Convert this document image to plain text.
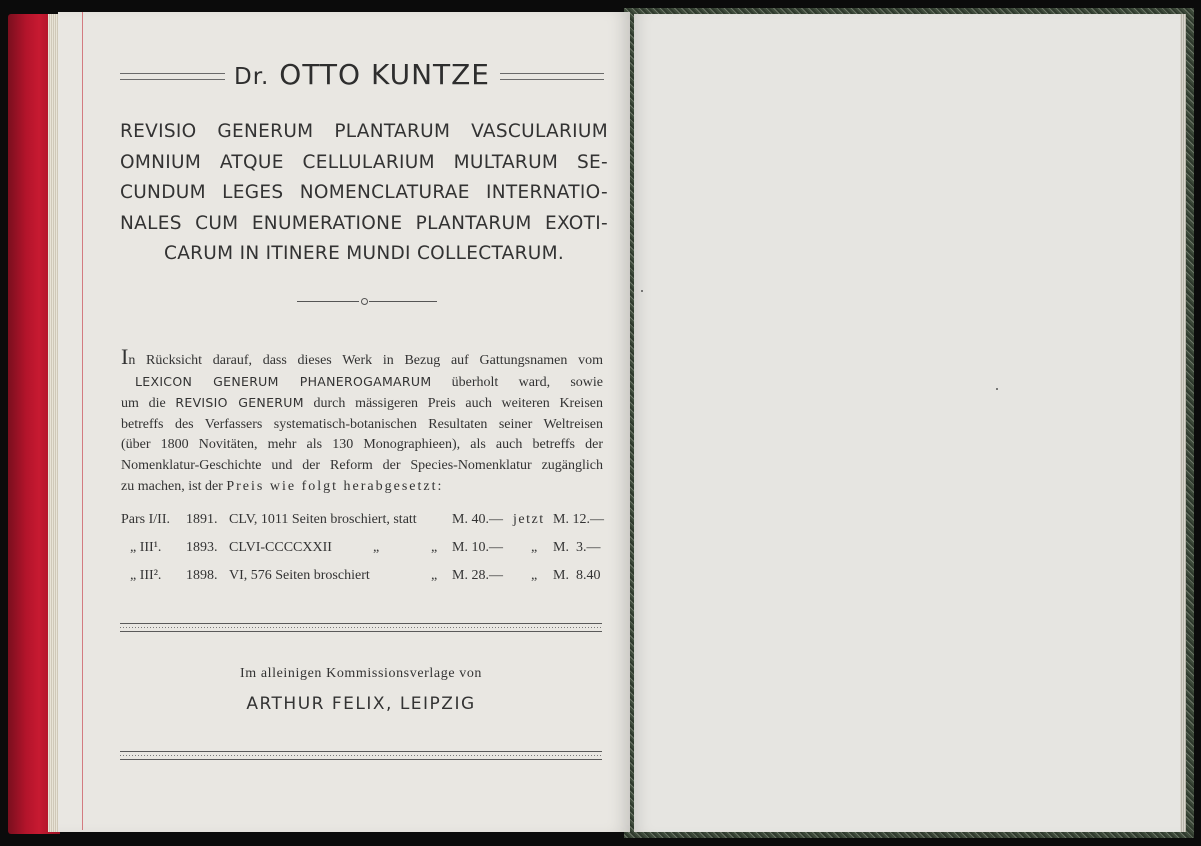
Dr. OTTO KUNTZE
REVISIO GENERUM PLANTARUM VASCULARIUM
OMNIUM ATQUE CELLULARIUM MULTARUM SE-
CUNDUM LEGES NOMENCLATURAE INTERNATIO-
NALES CUM ENUMERATIONE PLANTARUM EXOTI-
CARUM IN ITINERE MUNDI COLLECTARUM.
In Rücksicht darauf, dass dieses Werk in Bezug auf Gattungsnamen vom
LEXICON GENERUM PHANEROGAMARUM überholt ward, sowie
um die REVISIO GENERUM durch mässigeren Preis auch weiteren Kreisen
betreffs des Verfassers systematisch-botanischen Resultaten seiner Weltreisen
(über 1800 Novitäten, mehr als 130 Monographieen), als auch betreffs der
Nomenklatur-Geschichte und der Reform der Species-Nomenklatur zugänglich
zu machen, ist der Preis wie folgt herabgesetzt:
Pars I/II. 1891. CLV, 1011 Seiten broschiert, statt	M. 40.— jetzt M. 12.—
„ III¹. 1893. CLVI-CCCCXXII	„	„ M. 10.— „ M.  3.—
„ III². 1898. VI, 576 Seiten broschiert	„ M. 28.— „ M.  8.40
Im alleinigen Kommissionsverlage von
ARTHUR FELIX, LEIPZIG
